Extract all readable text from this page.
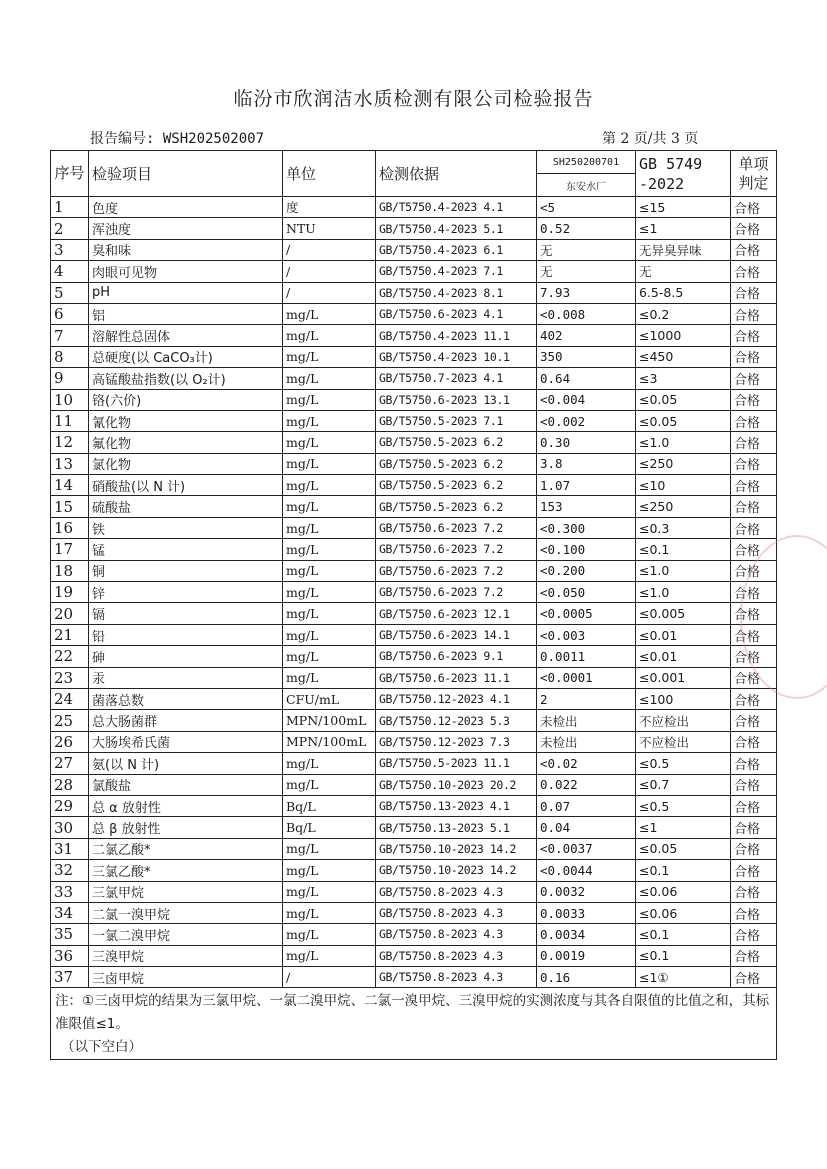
临汾市欣润洁水质检测有限公司检验报告
报告编号: WSH202502007	第 2 页/共 3 页
序号	检验项目	单位	检测依据	SH250200701	GB 5749 -2022	单项判定
				东安水厂		
1	色度	度	GB/T5750.4-2023 4.1	<5	≤15	合格
2	浑浊度	NTU	GB/T5750.4-2023 5.1	0.52	≤1	合格
3	臭和味	/	GB/T5750.4-2023 6.1	无	无异臭异味	合格
4	肉眼可见物	/	GB/T5750.4-2023 7.1	无	无	合格
5	pH	/	GB/T5750.4-2023 8.1	7.93	6.5-8.5	合格
6	铝	mg/L	GB/T5750.6-2023 4.1	<0.008	≤0.2	合格
7	溶解性总固体	mg/L	GB/T5750.4-2023 11.1	402	≤1000	合格
8	总硬度(以 CaCO₃计)	mg/L	GB/T5750.4-2023 10.1	350	≤450	合格
9	高锰酸盐指数(以 O₂计)	mg/L	GB/T5750.7-2023 4.1	0.64	≤3	合格
10	铬(六价)	mg/L	GB/T5750.6-2023 13.1	<0.004	≤0.05	合格
11	氰化物	mg/L	GB/T5750.5-2023 7.1	<0.002	≤0.05	合格
12	氟化物	mg/L	GB/T5750.5-2023 6.2	0.30	≤1.0	合格
13	氯化物	mg/L	GB/T5750.5-2023 6.2	3.8	≤250	合格
14	硝酸盐(以 N 计)	mg/L	GB/T5750.5-2023 6.2	1.07	≤10	合格
15	硫酸盐	mg/L	GB/T5750.5-2023 6.2	153	≤250	合格
16	铁	mg/L	GB/T5750.6-2023 7.2	<0.300	≤0.3	合格
17	锰	mg/L	GB/T5750.6-2023 7.2	<0.100	≤0.1	合格
18	铜	mg/L	GB/T5750.6-2023 7.2	<0.200	≤1.0	合格
19	锌	mg/L	GB/T5750.6-2023 7.2	<0.050	≤1.0	合格
20	镉	mg/L	GB/T5750.6-2023 12.1	<0.0005	≤0.005	合格
21	铅	mg/L	GB/T5750.6-2023 14.1	<0.003	≤0.01	合格
22	砷	mg/L	GB/T5750.6-2023 9.1	0.0011	≤0.01	合格
23	汞	mg/L	GB/T5750.6-2023 11.1	<0.0001	≤0.001	合格
24	菌落总数	CFU/mL	GB/T5750.12-2023 4.1	2	≤100	合格
25	总大肠菌群	MPN/100mL	GB/T5750.12-2023 5.3	未检出	不应检出	合格
26	大肠埃希氏菌	MPN/100mL	GB/T5750.12-2023 7.3	未检出	不应检出	合格
27	氨(以 N 计)	mg/L	GB/T5750.5-2023 11.1	<0.02	≤0.5	合格
28	氯酸盐	mg/L	GB/T5750.10-2023 20.2	0.022	≤0.7	合格
29	总 α 放射性	Bq/L	GB/T5750.13-2023 4.1	0.07	≤0.5	合格
30	总 β 放射性	Bq/L	GB/T5750.13-2023 5.1	0.04	≤1	合格
31	二氯乙酸*	mg/L	GB/T5750.10-2023 14.2	<0.0037	≤0.05	合格
32	三氯乙酸*	mg/L	GB/T5750.10-2023 14.2	<0.0044	≤0.1	合格
33	三氯甲烷	mg/L	GB/T5750.8-2023 4.3	0.0032	≤0.06	合格
34	二氯一溴甲烷	mg/L	GB/T5750.8-2023 4.3	0.0033	≤0.06	合格
35	一氯二溴甲烷	mg/L	GB/T5750.8-2023 4.3	0.0034	≤0.1	合格
36	三溴甲烷	mg/L	GB/T5750.8-2023 4.3	0.0019	≤0.1	合格
37	三卤甲烷	/	GB/T5750.8-2023 4.3	0.16	≤1①	合格

注：①三卤甲烷的结果为三氯甲烷、一氯二溴甲烷、二氯一溴甲烷、三溴甲烷的实测浓度与其各自限值的比值之和，其标准限值≤1。
（以下空白）						
